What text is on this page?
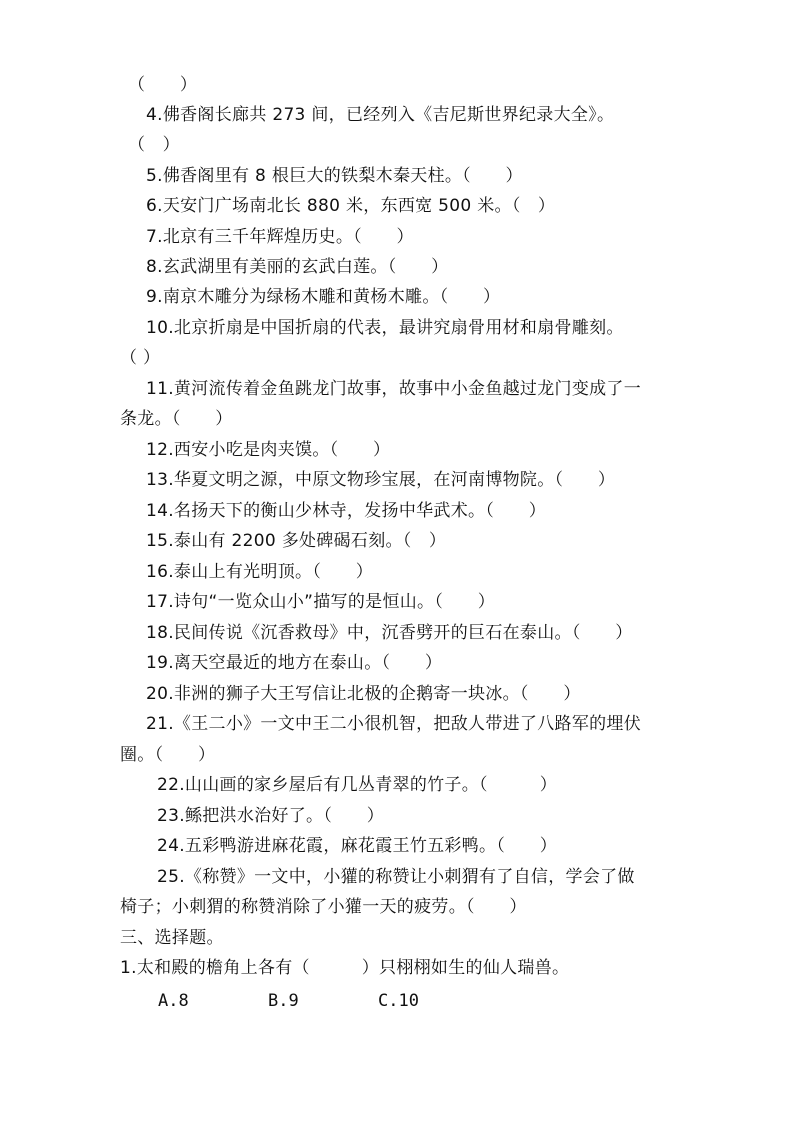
（　　）
4.佛香阁长廊共 273 间，已经列入《吉尼斯世界纪录大全》。
（　）
5.佛香阁里有 8 根巨大的铁梨木秦天柱。（　　）
6.天安门广场南北长 880 米，东西宽 500 米。（　）
7.北京有三千年辉煌历史。（　　）
8.玄武湖里有美丽的玄武白莲。（　　）
9.南京木雕分为绿杨木雕和黄杨木雕。（　　）
10.北京折扇是中国折扇的代表，最讲究扇骨用材和扇骨雕刻。
（ ）
11.黄河流传着金鱼跳龙门故事，故事中小金鱼越过龙门变成了一
条龙。（　　）
12.西安小吃是肉夹馍。（　　）
13.华夏文明之源，中原文物珍宝展，在河南博物院。（　　）
14.名扬天下的衡山少林寺，发扬中华武术。（　　）
15.泰山有 2200 多处碑碣石刻。（　）
16.泰山上有光明顶。（　　）
17.诗句“一览众山小”描写的是恒山。（　　）
18.民间传说《沉香救母》中，沉香劈开的巨石在泰山。（　　）
19.离天空最近的地方在泰山。（　　）
20.非洲的狮子大王写信让北极的企鹅寄一块冰。（　　）
21.《王二小》一文中王二小很机智，把敌人带进了八路军的埋伏
圈。（　　）
22.山山画的家乡屋后有几丛青翠的竹子。（　　　）
23.鲧把洪水治好了。（　　）
24.五彩鸭游进麻花霞，麻花霞王竹五彩鸭。（　　）
25.《称赞》一文中，小獾的称赞让小刺猬有了自信，学会了做
椅子；小刺猬的称赞消除了小獾一天的疲劳。（　　）
三、选择题。
1.太和殿的檐角上各有（　　　）只栩栩如生的仙人瑞兽。
A.8	B.9	C.10
